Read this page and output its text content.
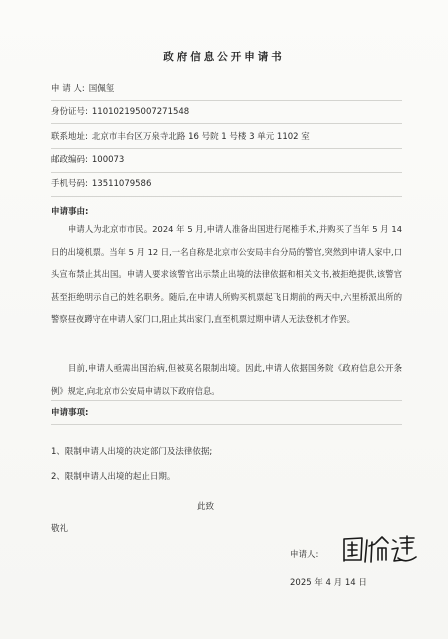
政府信息公开申请书
申 请 人: 国佩玺
身份证号: 110102195007271548
联系地址: 北京市丰台区万泉寺北路 16 号院 1 号楼 3 单元 1102 室
邮政编码: 100073
手机号码: 13511079586
申请事由:
申请人为北京市市民。2024 年 5 月,申请人准备出国进行尾椎手术,并购买了当年 5 月 14 日的出境机票。当年 5 月 12 日,一名自称是北京市公安局丰台分局的警官,突然到申请人家中,口头宣布禁止其出国。申请人要求该警官出示禁止出境的法律依据和相关文书,被拒绝提供,该警官甚至拒绝明示自己的姓名职务。随后,在申请人所购买机票起飞日期前的两天中,六里桥派出所的警察昼夜蹲守在申请人家门口,阻止其出家门,直至机票过期申请人无法登机才作罢。
目前,申请人亟需出国治病,但被莫名限制出境。因此,申请人依据国务院《政府信息公开条例》规定,向北京市公安局申请以下政府信息。
申请事项:
1、限制申请人出境的决定部门及法律依据;
2、限制申请人出境的起止日期。
此致
敬礼
申请人:
2025 年 4 月 14 日
